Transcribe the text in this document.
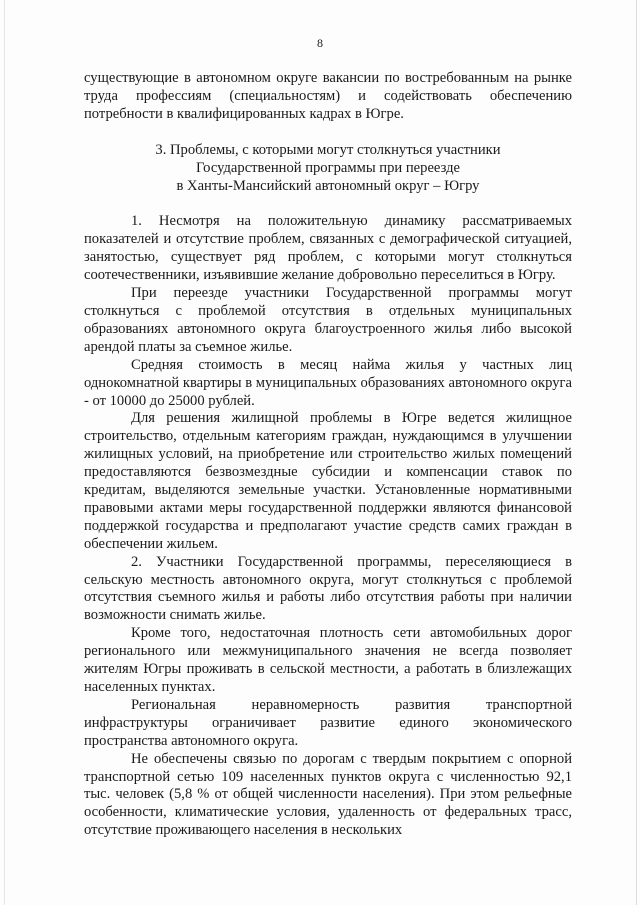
8

существующие в автономном округе вакансии по востребованным на рынке труда профессиям (специальностям) и содействовать обеспечению потребности в квалифицированных кадрах в Югре.

3. Проблемы, с которыми могут столкнуться участники
Государственной программы при переезде
в Ханты-Мансийский автономный округ – Югру

1. Несмотря на положительную динамику рассматриваемых показателей и отсутствие проблем, связанных с демографической ситуацией, занятостью, существует ряд проблем, с которыми могут столкнуться соотечественники, изъявившие желание добровольно переселиться в Югру.

При переезде участники Государственной программы могут столкнуться с проблемой отсутствия в отдельных муниципальных образованиях автономного округа благоустроенного жилья либо высокой арендой платы за съемное жилье.

Средняя стоимость в месяц найма жилья у частных лиц однокомнатной квартиры в муниципальных образованиях автономного округа - от 10000 до 25000 рублей.

Для решения жилищной проблемы в Югре ведется жилищное строительство, отдельным категориям граждан, нуждающимся в улучшении жилищных условий, на приобретение или строительство жилых помещений предоставляются безвозмездные субсидии и компенсации ставок по кредитам, выделяются земельные участки. Установленные нормативными правовыми актами меры государственной поддержки являются финансовой поддержкой государства и предполагают участие средств самих граждан в обеспечении жильем.

2. Участники Государственной программы, переселяющиеся в сельскую местность автономного округа, могут столкнуться с проблемой отсутствия съемного жилья и работы либо отсутствия работы при наличии возможности снимать жилье.

Кроме того, недостаточная плотность сети автомобильных дорог регионального или межмуниципального значения не всегда позволяет жителям Югры проживать в сельской местности, а работать в близлежащих населенных пунктах.

Региональная неравномерность развития транспортной инфраструктуры ограничивает развитие единого экономического пространства автономного округа.

Не обеспечены связью по дорогам с твердым покрытием с опорной транспортной сетью 109 населенных пунктов округа с численностью 92,1 тыс. человек (5,8 % от общей численности населения). При этом рельефные особенности, климатические условия, удаленность от федеральных трасс, отсутствие проживающего населения в нескольких
